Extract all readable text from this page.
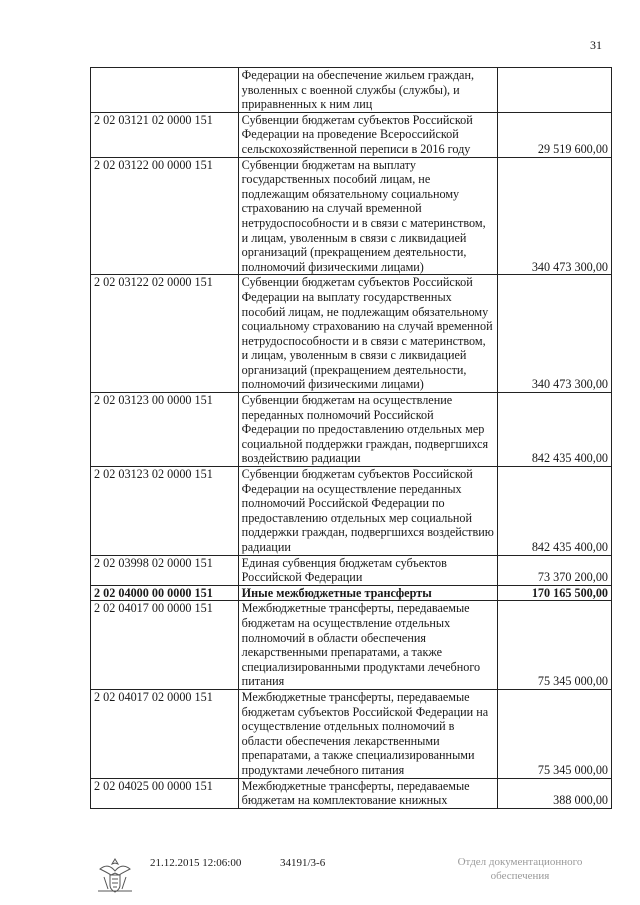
31
	Федерации на обеспечение жильем граждан, уволенных с военной службы (службы), и приравненных к ним лиц	
2 02 03121 02 0000 151	Субвенции бюджетам субъектов Российской Федерации на проведение Всероссийской сельскохозяйственной переписи в 2016 году	29 519 600,00
2 02 03122 00 0000 151	Субвенции бюджетам на выплату государственных пособий лицам, не подлежащим обязательному социальному страхованию на случай временной нетрудоспособности и в связи с материнством, и лицам, уволенным в связи с ликвидацией организаций (прекращением деятельности, полномочий физическими лицами)	340 473 300,00
2 02 03122 02 0000 151	Субвенции бюджетам субъектов Российской Федерации на выплату государственных пособий лицам, не подлежащим обязательному социальному страхованию на случай временной нетрудоспособности и в связи с материнством, и лицам, уволенным в связи с ликвидацией организаций (прекращением деятельности, полномочий физическими лицами)	340 473 300,00
2 02 03123 00 0000 151	Субвенции бюджетам на осуществление переданных полномочий Российской Федерации по предоставлению отдельных мер социальной поддержки граждан, подвергшихся воздействию радиации	842 435 400,00
2 02 03123 02 0000 151	Субвенции бюджетам субъектов Российской Федерации на осуществление переданных полномочий Российской Федерации по предоставлению отдельных мер социальной поддержки граждан, подвергшихся воздействию радиации	842 435 400,00
2 02 03998 02 0000 151	Единая субвенция бюджетам субъектов Российской Федерации	73 370 200,00
2 02 04000 00 0000 151	Иные межбюджетные трансферты	170 165 500,00
2 02 04017 00 0000 151	Межбюджетные трансферты, передаваемые бюджетам на осуществление отдельных полномочий в области обеспечения лекарственными препаратами, а также специализированными продуктами лечебного питания	75 345 000,00
2 02 04017 02 0000 151	Межбюджетные трансферты, передаваемые бюджетам субъектов Российской Федерации на осуществление отдельных полномочий в области обеспечения лекарственными препаратами, а также специализированными продуктами лечебного питания	75 345 000,00
2 02 04025 00 0000 151	Межбюджетные трансферты, передаваемые бюджетам на комплектование книжных	388 000,00
21.12.2015 12:06:00	34191/3-6	Отдел документационного
обеспечения
